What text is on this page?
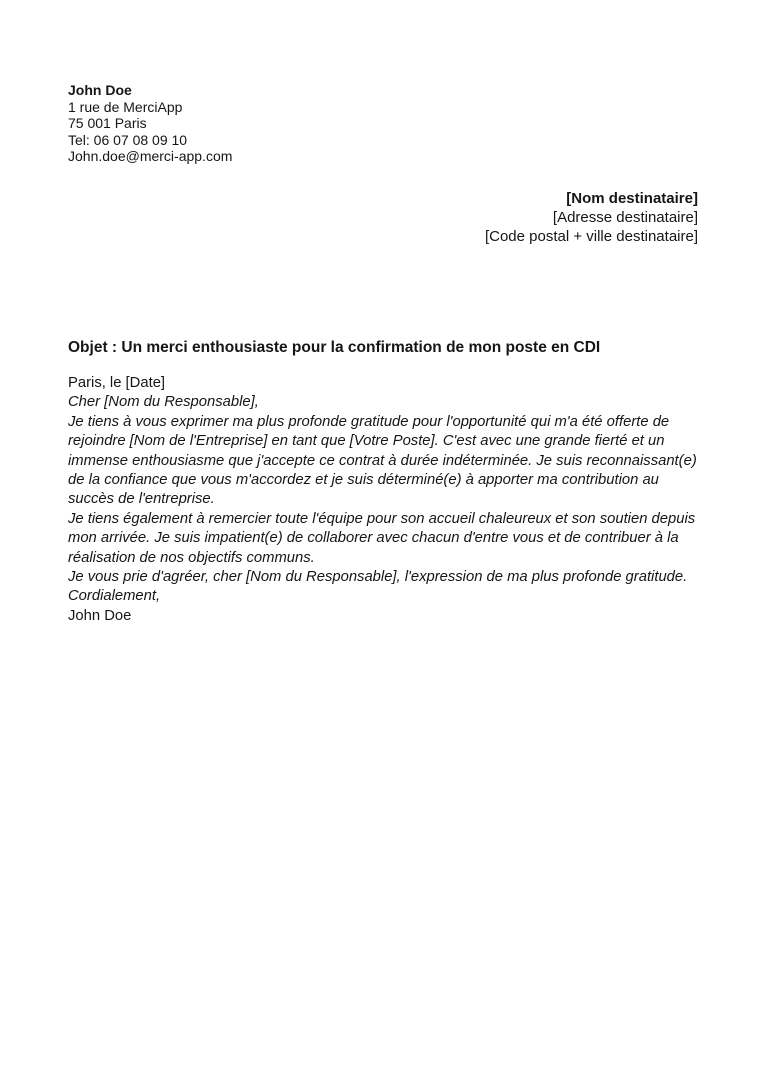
John Doe
1 rue de MerciApp
75 001 Paris
Tel: 06 07 08 09 10
John.doe@merci-app.com
[Nom destinataire]
[Adresse destinataire]
[Code postal + ville destinataire]
Objet : Un merci enthousiaste pour la confirmation de mon poste en CDI

Paris, le [Date]

Cher [Nom du Responsable],

Je tiens à vous exprimer ma plus profonde gratitude pour l'opportunité qui m'a été offerte de rejoindre [Nom de l'Entreprise] en tant que [Votre Poste]. C'est avec une grande fierté et un immense enthousiasme que j'accepte ce contrat à durée indéterminée. Je suis reconnaissant(e) de la confiance que vous m'accordez et je suis déterminé(e) à apporter ma contribution au succès de l'entreprise.

Je tiens également à remercier toute l'équipe pour son accueil chaleureux et son soutien depuis mon arrivée. Je suis impatient(e) de collaborer avec chacun d'entre vous et de contribuer à la réalisation de nos objectifs communs.

Je vous prie d'agréer, cher [Nom du Responsable], l'expression de ma plus profonde gratitude.

Cordialement,

John Doe
